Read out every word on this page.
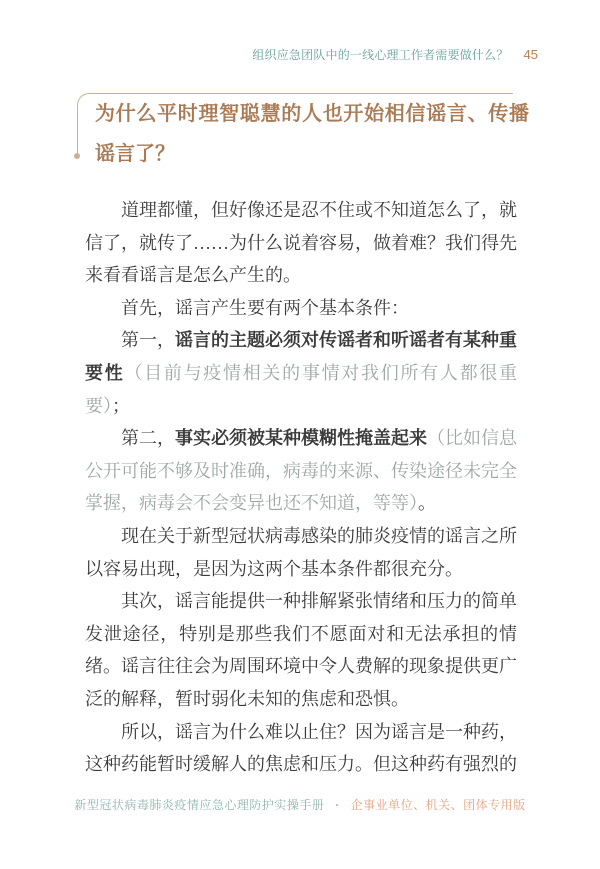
组织应急团队中的一线心理工作者需要做什么？ 45
为什么平时理智聪慧的人也开始相信谣言、传播谣言了？

道理都懂，但好像还是忍不住或不知道怎么了，就信了，就传了……为什么说着容易，做着难？我们得先来看看谣言是怎么产生的。

首先，谣言产生要有两个基本条件：

第一，谣言的主题必须对传谣者和听谣者有某种重要性（目前与疫情相关的事情对我们所有人都很重要）；

第二，事实必须被某种模糊性掩盖起来（比如信息公开可能不够及时准确，病毒的来源、传染途径未完全掌握，病毒会不会变异也还不知道，等等）。

现在关于新型冠状病毒感染的肺炎疫情的谣言之所以容易出现，是因为这两个基本条件都很充分。

其次，谣言能提供一种排解紧张情绪和压力的简单发泄途径，特别是那些我们不愿面对和无法承担的情绪。谣言往往会为周围环境中令人费解的现象提供更广泛的解释，暂时弱化未知的焦虑和恐惧。

所以，谣言为什么难以止住？因为谣言是一种药，这种药能暂时缓解人的焦虑和压力。但这种药有强烈的

新型冠状病毒肺炎疫情应急心理防护实操手册 · 企事业单位、机关、团体专用版
